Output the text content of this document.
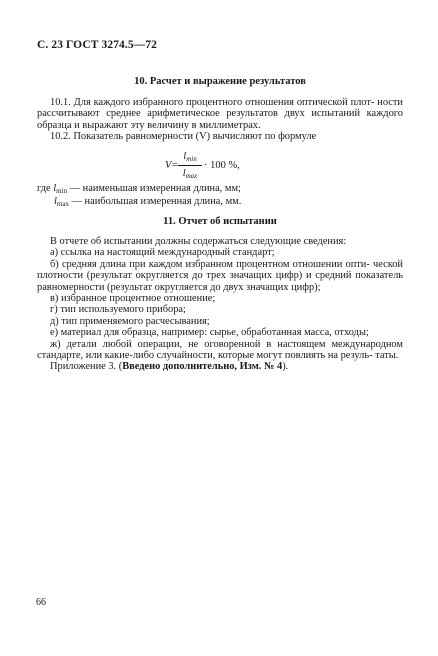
С. 23 ГОСТ 3274.5—72
10. Расчет и выражение результатов

10.1. Для каждого избранного процентного отношения оптической плот- ности рассчитывают среднее арифметическое результатов двух испытаний каждого образца и выражают эту величину в миллиметрах.

10.2. Показатель равномерности (V) вычисляют по формуле

V=
$l_{min}$
$l_{max}$
· 100 %,
где $l_{min}$ — наименьшая измеренная длина, мм;
$l_{max}$ — наибольшая измеренная длина, мм.
11. Отчет об испытании

В отчете об испытании должны содержаться следующие сведения:

а) ссылка на настоящий международный стандарт;

б) средняя длина при каждом избранном процентном отношении опти- ческой плотности (результат округляется до трех значащих цифр) и средний показатель равномерности (результат округляется до двух значащих цифр);

в) избранное процентное отношение;

г) тип используемого прибора;

д) тип применяемого расчесывания;

е) материал для образца, например: сырье, обработанная масса, отходы;

ж) детали любой операции, не оговоренной в настоящем международном стандарте, или какие-либо случайности, которые могут повлиять на резуль- таты.

Приложение 3. (Введено дополнительно, Изм. № 4).

66
